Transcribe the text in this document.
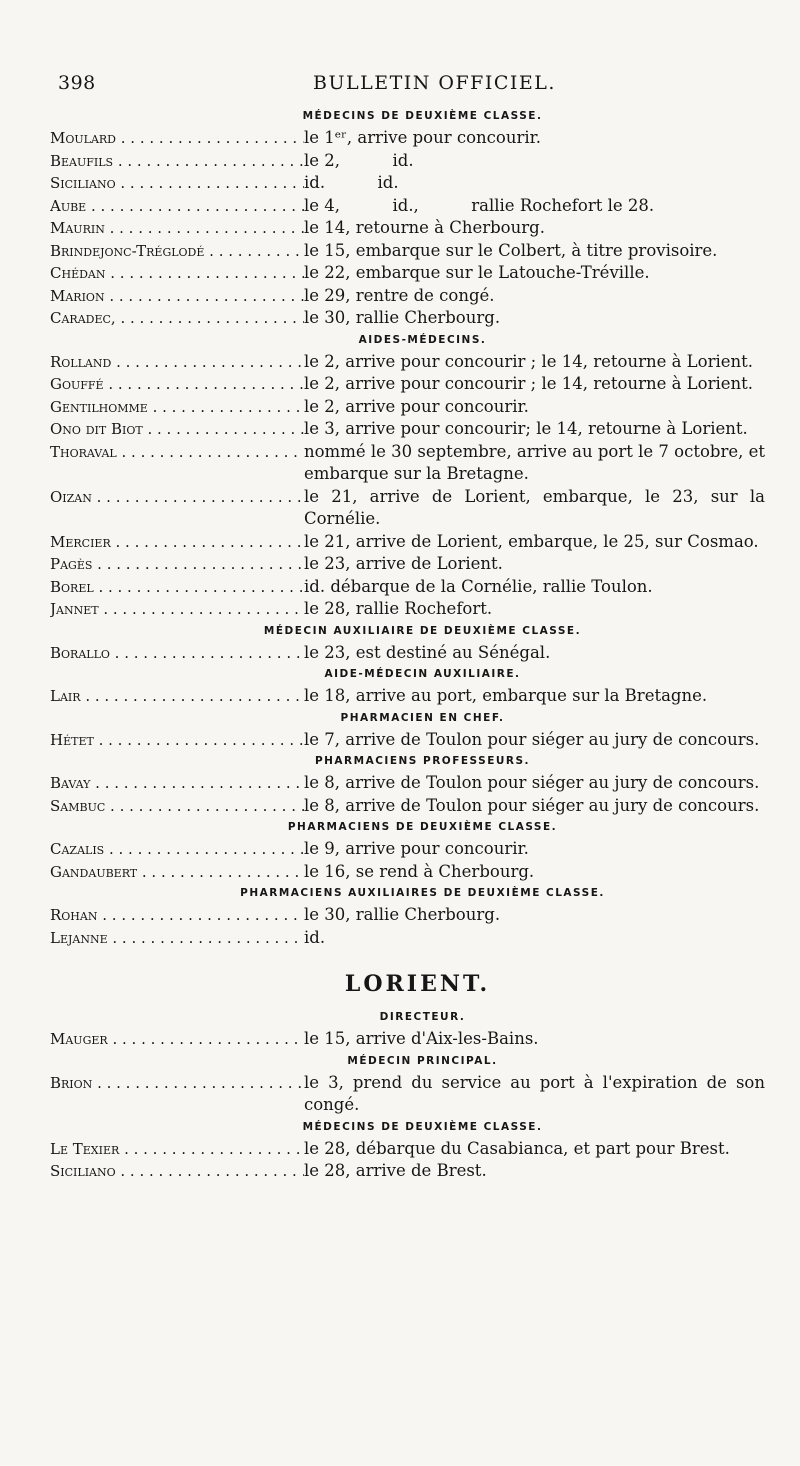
398	BULLETIN OFFICIEL.
MÉDECINS DE DEUXIÈME CLASSE.
Moulard . . .	le 1ᵉʳ, arrive pour concourir.
Beaufils . . .	le 2,          id.
Siciliano . . .	id.          id.
Aube . . .	le 4,          id.,          rallie Rochefort le 28.
Maurin . . .	le 14, retourne à Cherbourg.
Brindejonc-Tréglodé . . .	le 15, embarque sur le Colbert, à titre provisoire.
Chédan . . .	le 22, embarque sur le Latouche-Tréville.
Marion . . .	le 29, rentre de congé.
Caradec, . . .	le 30, rallie Cherbourg.
AIDES-MÉDECINS.
Rolland . . .	le 2, arrive pour concourir ; le 14, retourne à Lorient.
Gouffé . . .	le 2, arrive pour concourir ; le 14, retourne à Lorient.
Gentilhomme . . .	le 2, arrive pour concourir.
Ono dit Biot . . .	le 3, arrive pour concourir; le 14, retourne à Lorient.
Thoraval . . .	nommé le 30 septembre, arrive au port le 7 octobre, et embarque sur la Bretagne.
Oizan . . .	le 21, arrive de Lorient, embarque, le 23, sur la Cornélie.
Mercier . . .	le 21, arrive de Lorient, embarque, le 25, sur Cosmao.
Pagès . . .	le 23, arrive de Lorient.
Borel . . .	id. débarque de la Cornélie, rallie Toulon.
Jannet . . .	le 28, rallie Rochefort.
MÉDECIN AUXILIAIRE DE DEUXIÈME CLASSE.
Borallo . . .	le 23, est destiné au Sénégal.
AIDE-MÉDECIN AUXILIAIRE.
Lair . . .	le 18, arrive au port, embarque sur la Bretagne.
PHARMACIEN EN CHEF.
Hétet . . .	le 7, arrive de Toulon pour siéger au jury de concours.
PHARMACIENS PROFESSEURS.
Bavay . . .	le 8, arrive de Toulon pour siéger au jury de concours.
Sambuc . . .	le 8, arrive de Toulon pour siéger au jury de concours.
PHARMACIENS DE DEUXIÈME CLASSE.
Cazalis . . .	le 9, arrive pour concourir.
Gandaubert . . .	le 16, se rend à Cherbourg.
PHARMACIENS AUXILIAIRES DE DEUXIÈME CLASSE.
Rohan . . .	le 30, rallie Cherbourg.
Lejanne . . .	id.
LORIENT.
DIRECTEUR.
Mauger . . .	le 15, arrive d'Aix-les-Bains.
MÉDECIN PRINCIPAL.
Brion . . .	le 3, prend du service au port à l'expiration de son congé.
MÉDECINS DE DEUXIÈME CLASSE.
Le Texier . . .	le 28, débarque du Casabianca, et part pour Brest.
Siciliano . . .	le 28, arrive de Brest.
